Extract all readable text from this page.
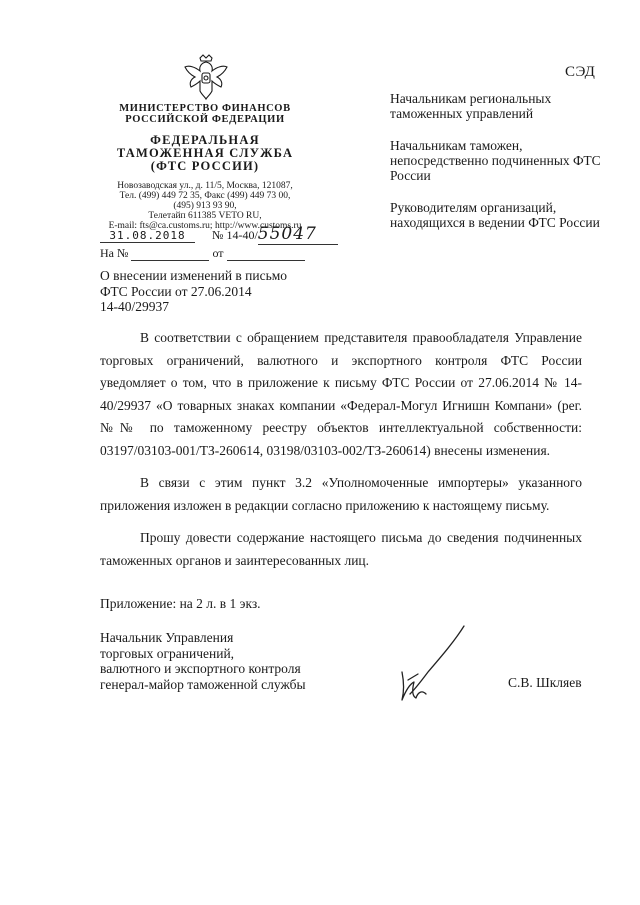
СЭД
МИНИСТЕРСТВО ФИНАНСОВ
РОССИЙСКОЙ ФЕДЕРАЦИИ
ФЕДЕРАЛЬНАЯ
ТАМОЖЕННАЯ СЛУЖБА
(ФТС РОССИИ)
Новозаводская ул., д. 11/5, Москва, 121087,
Тел. (499) 449 72 35, Факс (499) 449 73 00,
(495) 913 93 90,
Телетайп 611385 VETO RU,
E-mail: fts@ca.customs.ru; http://www.customs.ru
31.08.2018 № 14-40/55047
На №	от

Начальникам региональных таможенных управлений

Начальникам таможен, непосредственно подчиненных ФТС России

Руководителям организаций, находящихся в ведении ФТС России

О внесении изменений в письмо
ФТС России от 27.06.2014
14-40/29937

В соответствии с обращением представителя правообладателя Управление торговых ограничений, валютного и экспортного контроля ФТС России уведомляет о том, что в приложение к письму ФТС России от 27.06.2014 № 14-40/29937 «О товарных знаках компании «Федерал-Могул Игнишн Компани» (рег. №№ по таможенному реестру объектов интеллектуальной собственности: 03197/03103-001/ТЗ-260614, 03198/03103-002/ТЗ-260614) внесены изменения.

В связи с этим пункт 3.2 «Уполномоченные импортеры» указанного приложения изложен в редакции согласно приложению к настоящему письму.

Прошу довести содержание настоящего письма до сведения подчиненных таможенных органов и заинтересованных лиц.

Приложение: на 2 л. в 1 экз.
Начальник Управления
торговых ограничений,
валютного и экспортного контроля
генерал-майор таможенной службы	С.В. Шкляев
